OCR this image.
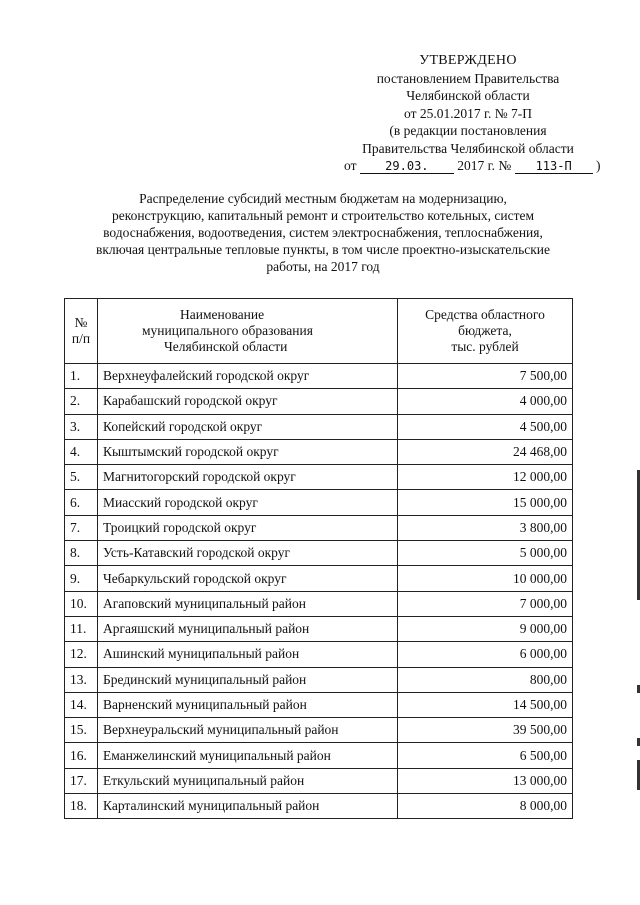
УТВЕРЖДЕНО
постановлением Правительства
Челябинской области
от 25.01.2017 г. № 7-П
(в редакции постановления
Правительства Челябинской области
от 29.03. 2017 г. № 113-П )
Распределение субсидий местным бюджетам на модернизацию,
реконструкцию, капитальный ремонт и строительство котельных, систем
водоснабжения, водоотведения, систем электроснабжения, теплоснабжения,
включая центральные тепловые пункты, в том числе проектно-изыскательские
работы, на 2017 год
№
п/п	Наименование
муниципального образования
Челябинской области	Средства областного
бюджета,
тыс. рублей

1.	Верхнеуфалейский городской округ	7 500,00
2.	Карабашский городской округ	4 000,00
3.	Копейский городской округ	4 500,00
4.	Кыштымский городской округ	24 468,00
5.	Магнитогорский городской округ	12 000,00
6.	Миасский городской округ	15 000,00
7.	Троицкий городской округ	3 800,00
8.	Усть-Катавский городской округ	5 000,00
9.	Чебаркульский городской округ	10 000,00
10.	Агаповский муниципальный район	7 000,00
11.	Аргаяшский муниципальный район	9 000,00
12.	Ашинский муниципальный район	6 000,00
13.	Брединский муниципальный район	800,00
14.	Варненский муниципальный район	14 500,00
15.	Верхнеуральский муниципальный район	39 500,00
16.	Еманжелинский муниципальный район	6 500,00
17.	Еткульский муниципальный район	13 000,00
18.	Карталинский муниципальный район	8 000,00
